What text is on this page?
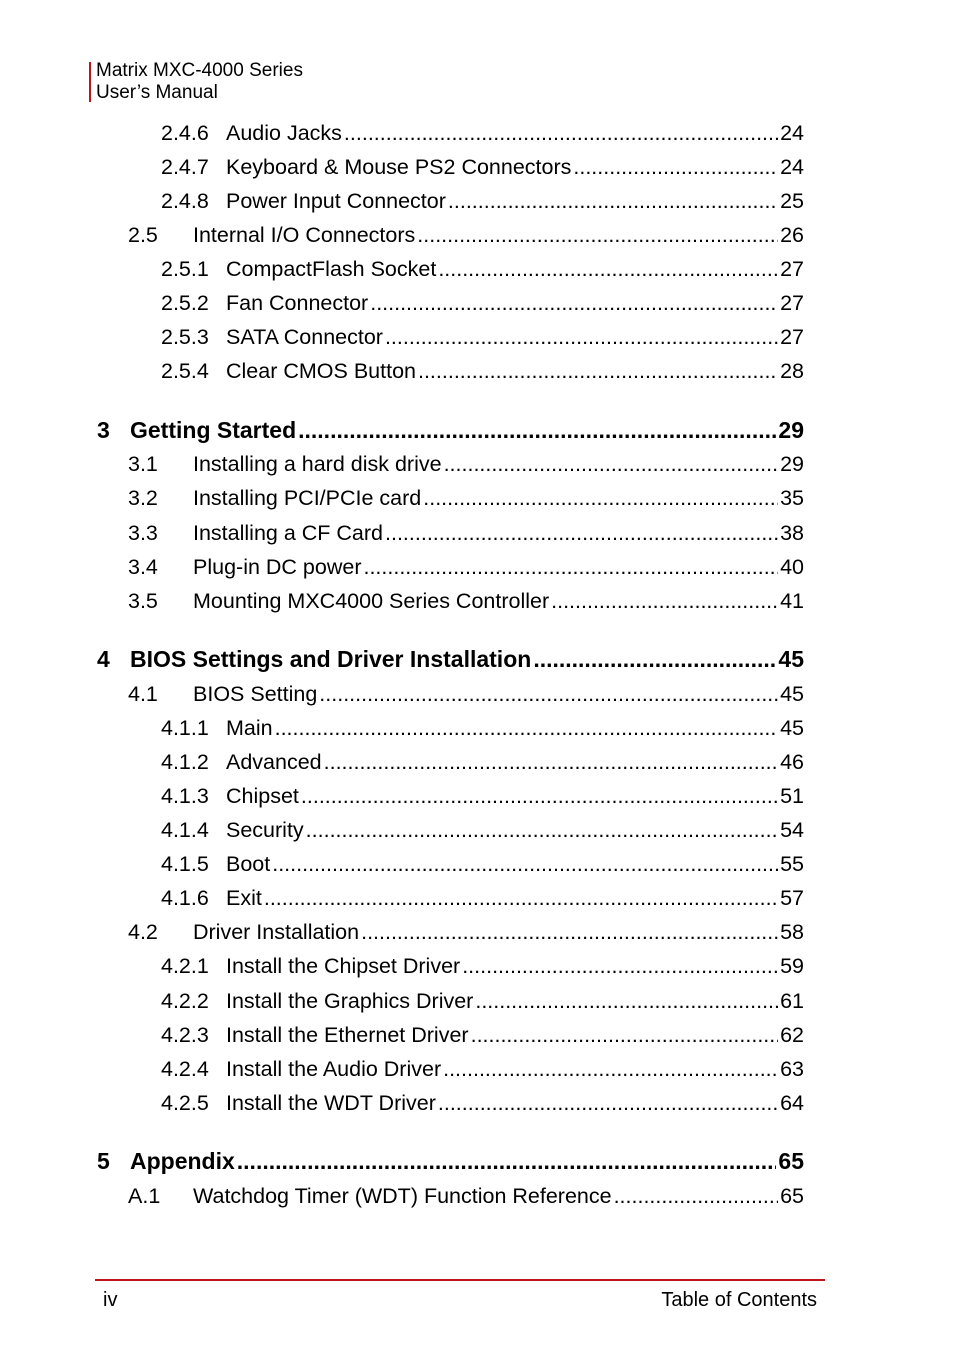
Matrix MXC-4000 Series
User’s Manual
2.4.6 Audio Jacks .....	24
2.4.7 Keyboard & Mouse PS2 Connectors .....	24
2.4.8 Power Input Connector .....	25
2.5	Internal I/O Connectors .....	26
2.5.1 CompactFlash Socket .....	27
2.5.2 Fan Connector .....	27
2.5.3 SATA Connector .....	27
2.5.4 Clear CMOS Button .....	28
3 Getting Started .....	29
3.1	Installing a hard disk drive .....	29
3.2	Installing PCI/PCIe card .....	35
3.3	Installing a CF Card .....	38
3.4	Plug-in DC power .....	40
3.5	Mounting MXC4000 Series Controller .....	41
4 BIOS Settings and Driver Installation .....	45
4.1	BIOS Setting .....	45
4.1.1 Main .....	45
4.1.2 Advanced .....	46
4.1.3 Chipset .....	51
4.1.4 Security .....	54
4.1.5 Boot .....	55
4.1.6 Exit .....	57
4.2	Driver Installation .....	58
4.2.1 Install the Chipset Driver .....	59
4.2.2 Install the Graphics Driver .....	61
4.2.3 Install the Ethernet Driver .....	62
4.2.4 Install the Audio Driver .....	63
4.2.5 Install the WDT Driver .....	64
5 Appendix .....	65
A.1	Watchdog Timer (WDT) Function Reference .....	65
iv	Table of Contents
